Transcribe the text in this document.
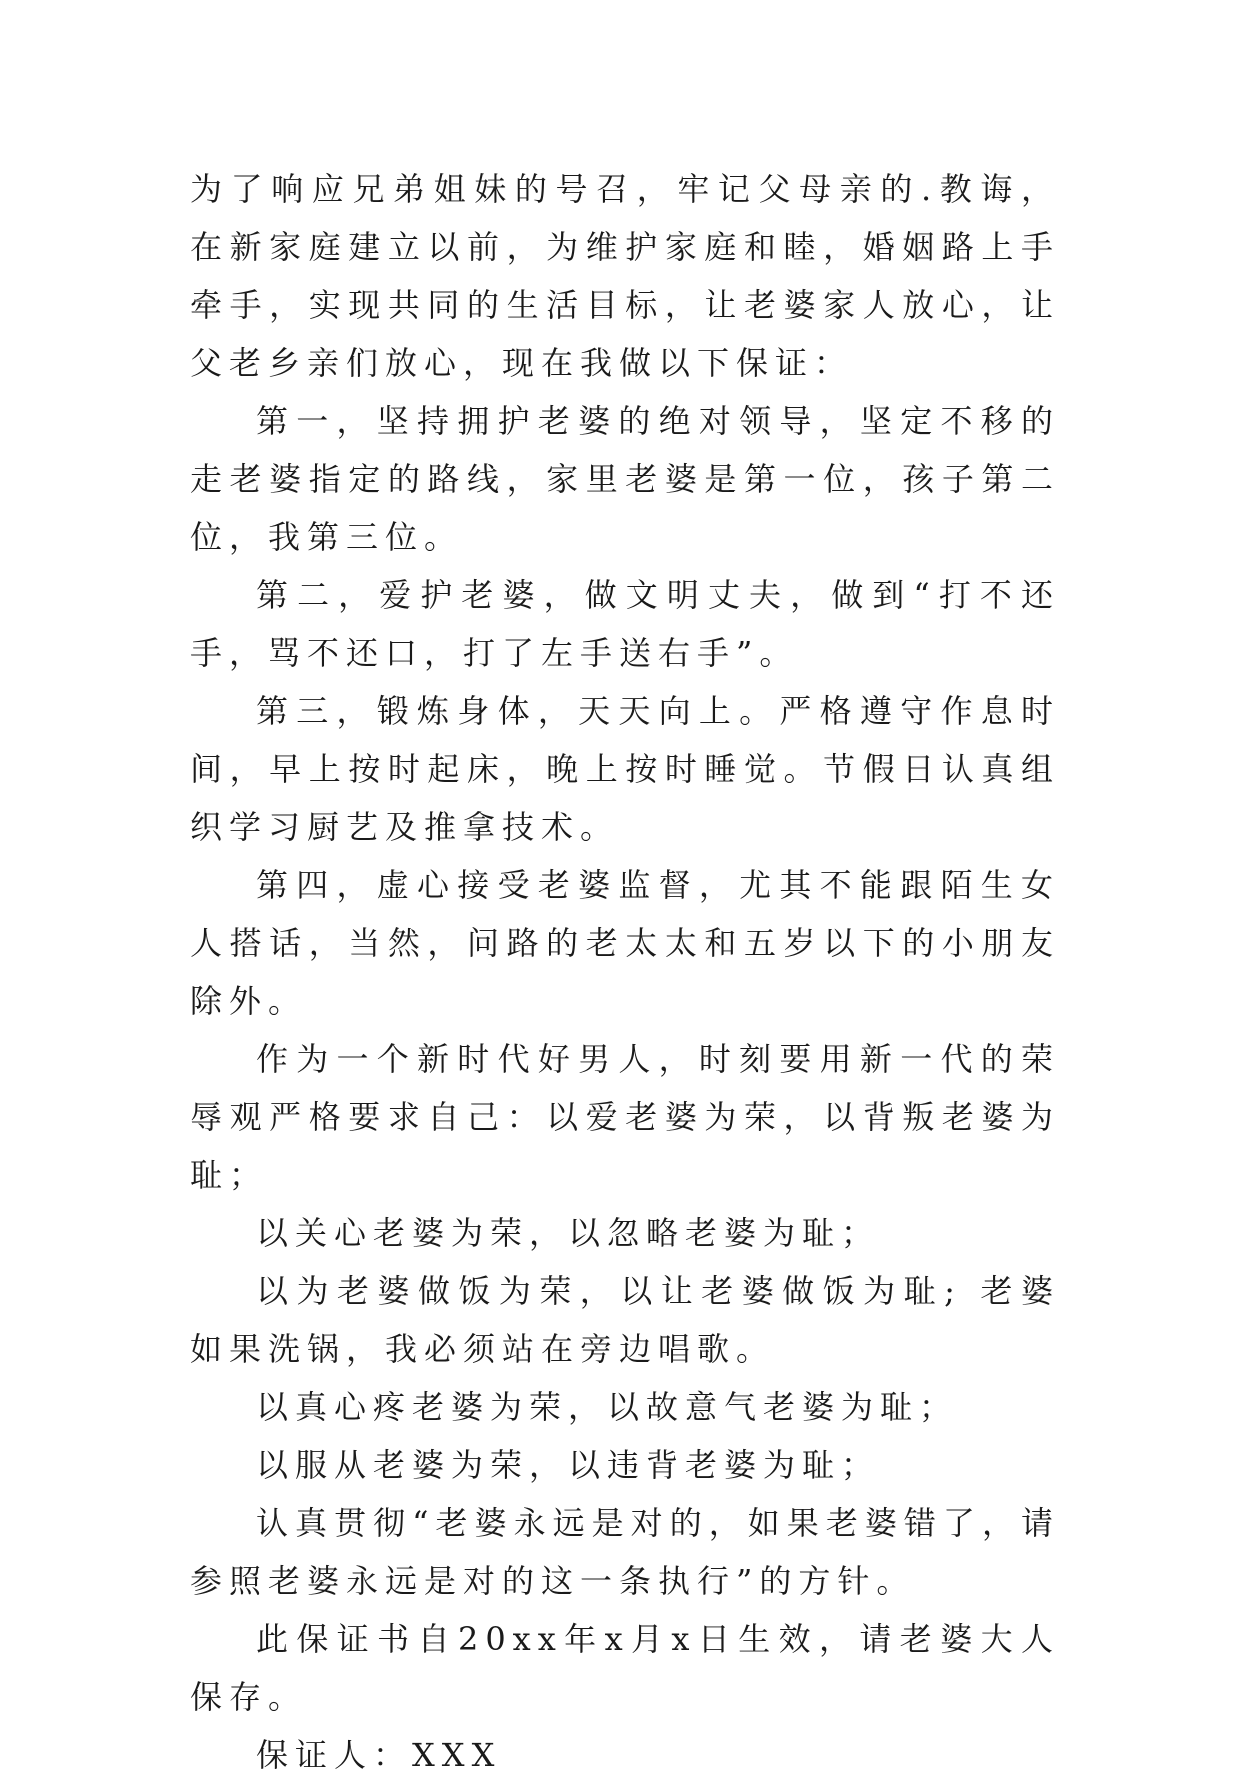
为了响应兄弟姐妹的号召，牢记父母亲的.教诲，在新家庭建立以前，为维护家庭和睦，婚姻路上手牵手，实现共同的生活目标，让老婆家人放心，让父老乡亲们放心，现在我做以下保证：

第一，坚持拥护老婆的绝对领导，坚定不移的走老婆指定的路线，家里老婆是第一位，孩子第二位，我第三位。

第二，爱护老婆，做文明丈夫，做到“打不还手，骂不还口，打了左手送右手”。

第三，锻炼身体，天天向上。严格遵守作息时间，早上按时起床，晚上按时睡觉。节假日认真组织学习厨艺及推拿技术。

第四，虚心接受老婆监督，尤其不能跟陌生女人搭话，当然，问路的老太太和五岁以下的小朋友除外。

作为一个新时代好男人，时刻要用新一代的荣辱观严格要求自己：以爱老婆为荣，以背叛老婆为耻；

以关心老婆为荣，以忽略老婆为耻；

以为老婆做饭为荣，以让老婆做饭为耻; 老婆如果洗锅，我必须站在旁边唱歌。

以真心疼老婆为荣，以故意气老婆为耻；

以服从老婆为荣，以违背老婆为耻；

认真贯彻“老婆永远是对的，如果老婆错了，请参照老婆永远是对的这一条执行”的方针。

此保证书自20xx年x月x日生效，请老婆大人保存。

保证人：XXX
